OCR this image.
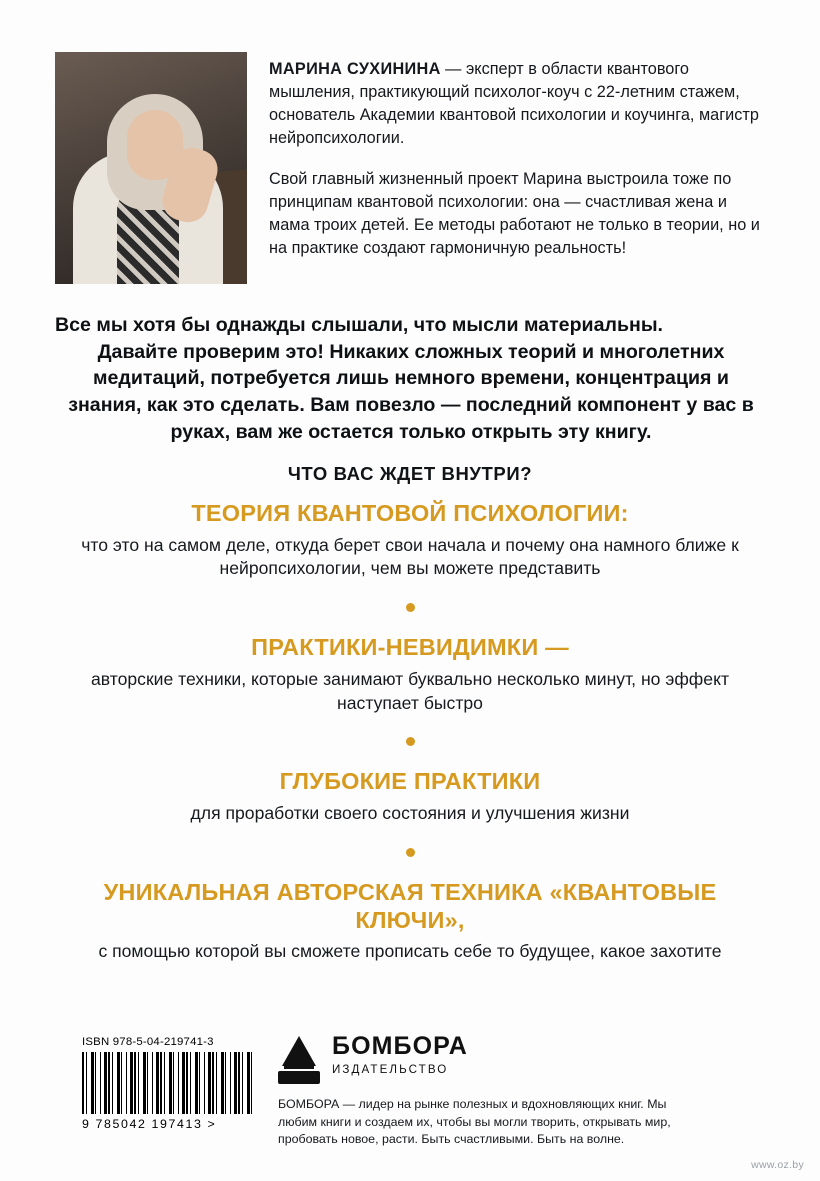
МАРИНА СУХИНИНА — эксперт в области квантового мышления, практикующий психолог-коуч с 22-летним стажем, основатель Академии квантовой психологии и коучинга, магистр нейропсихологии.

Свой главный жизненный проект Марина выстроила тоже по принципам квантовой психологии: она — счастливая жена и мама троих детей. Ее методы работают не только в теории, но и на практике создают гармоничную реальность!

Все мы хотя бы однажды слышали, что мысли материальны.
Давайте проверим это! Никаких сложных теорий и многолетних медитаций, потребуется лишь немного времени, концентрация и знания, как это сделать. Вам повезло — последний компонент у вас в руках, вам же остается только открыть эту книгу.
ЧТО ВАС ЖДЕТ ВНУТРИ?
ТЕОРИЯ КВАНТОВОЙ ПСИХОЛОГИИ:
что это на самом деле, откуда берет свои начала и почему она намного ближе к нейропсихологии, чем вы можете представить
ПРАКТИКИ-НЕВИДИМКИ —
авторские техники, которые занимают буквально несколько минут, но эффект наступает быстро
ГЛУБОКИЕ ПРАКТИКИ
для проработки своего состояния и улучшения жизни
УНИКАЛЬНАЯ АВТОРСКАЯ ТЕХНИКА «КВАНТОВЫЕ КЛЮЧИ»,
с помощью которой вы сможете прописать себе то будущее, какое захотите
ISBN 978-5-04-219741-3
9 785042 197413 >
БОМБОРА
ИЗДАТЕЛЬСТВО
БОМБОРА — лидер на рынке полезных и вдохновляющих книг. Мы любим книги и создаем их, чтобы вы могли творить, открывать мир, пробовать новое, расти. Быть счастливыми. Быть на волне.
www.oz.by
